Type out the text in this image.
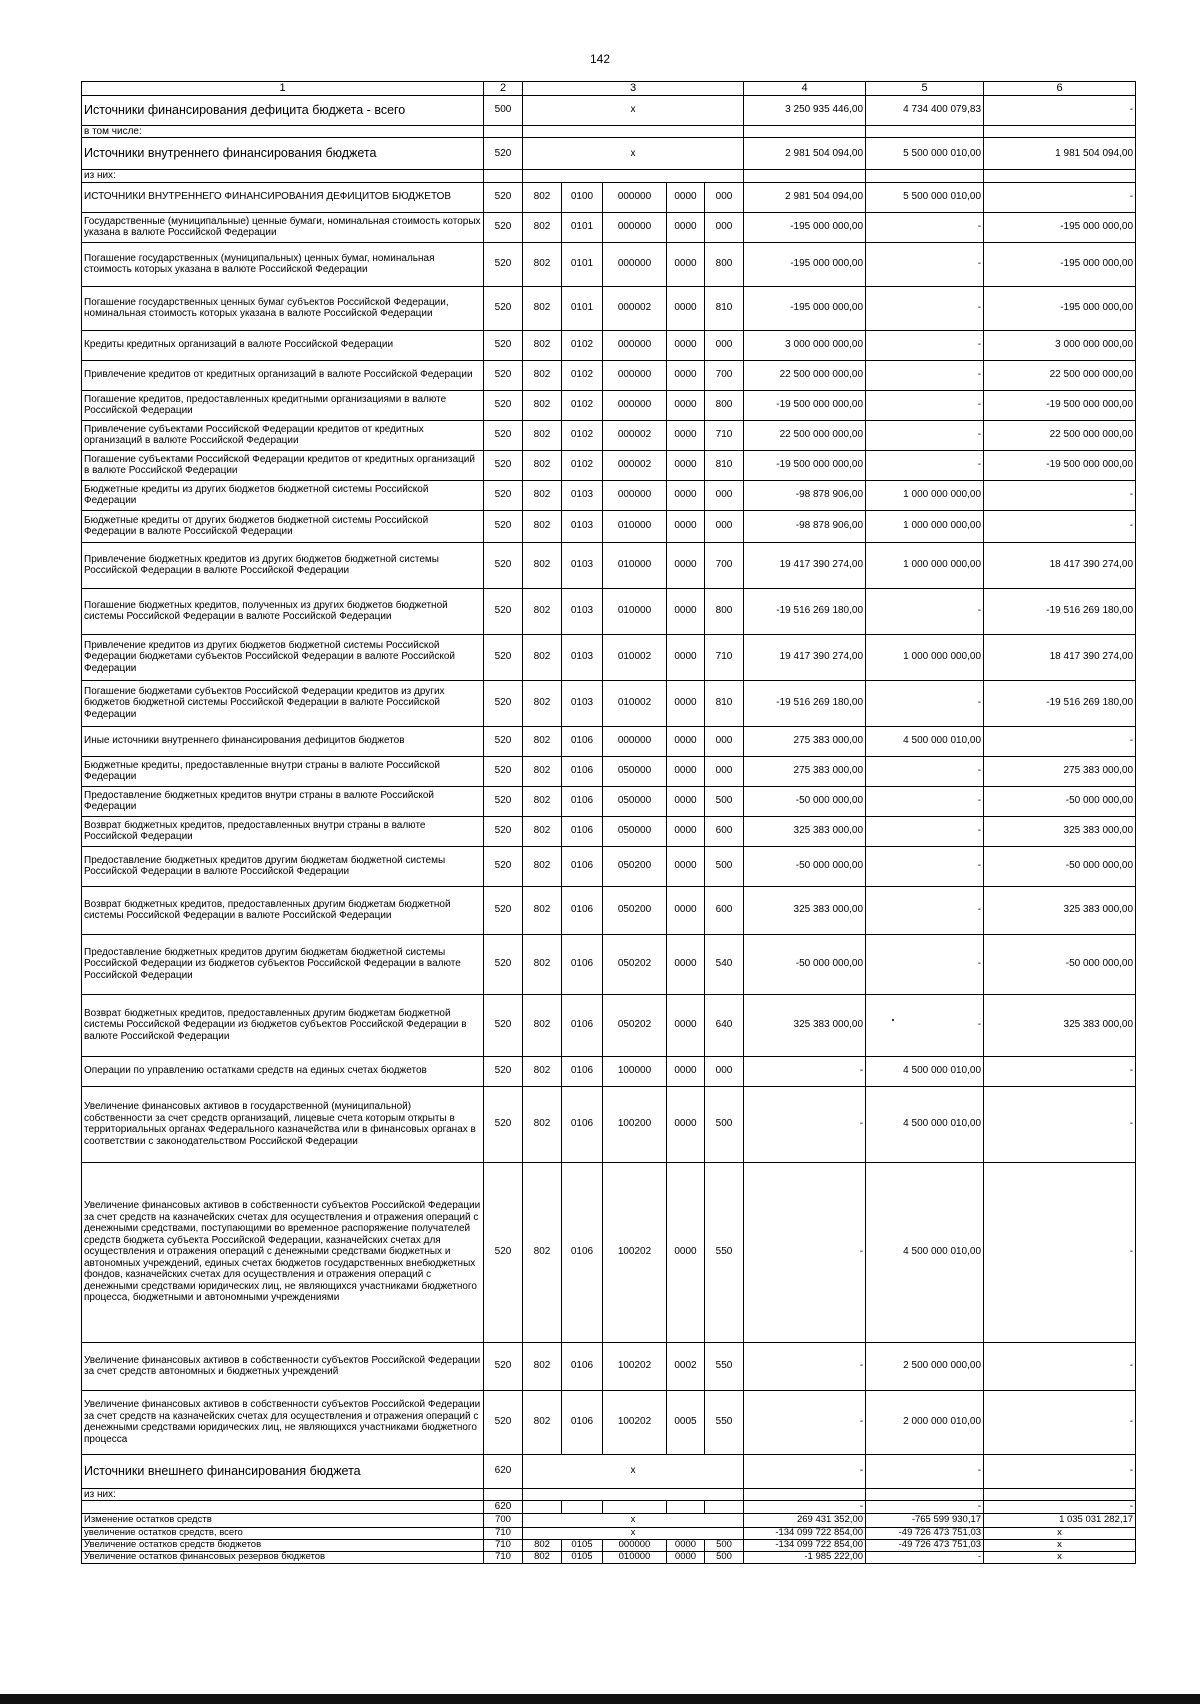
142
1	2	3					4	5	6
Источники финансирования дефицита бюджета - всего	500	x					3 250 935 446,00	4 734 400 079,83	-
в том числе:									
Источники внутреннего финансирования бюджета	520	x					2 981 504 094,00	5 500 000 010,00	1 981 504 094,00
из них:									
ИСТОЧНИКИ ВНУТРЕННЕГО ФИНАНСИРОВАНИЯ ДЕФИЦИТОВ БЮДЖЕТОВ	520	802	0100	000000	0000	000	2 981 504 094,00	5 500 000 010,00	-
Государственные (муниципальные) ценные бумаги, номинальная стоимость которых указана в валюте Российской Федерации	520	802	0101	000000	0000	000	-195 000 000,00	-	-195 000 000,00
Погашение государственных (муниципальных) ценных бумаг, номинальная стоимость которых указана в валюте Российской Федерации	520	802	0101	000000	0000	800	-195 000 000,00	-	-195 000 000,00
Погашение государственных ценных бумаг субъектов Российской Федерации, номинальная стоимость которых указана в валюте Российской Федерации	520	802	0101	000002	0000	810	-195 000 000,00	-	-195 000 000,00
Кредиты кредитных организаций в валюте Российской Федерации	520	802	0102	000000	0000	000	3 000 000 000,00	-	3 000 000 000,00
Привлечение кредитов от кредитных организаций в валюте Российской Федерации	520	802	0102	000000	0000	700	22 500 000 000,00	-	22 500 000 000,00
Погашение кредитов, предоставленных кредитными организациями в валюте Российской Федерации	520	802	0102	000000	0000	800	-19 500 000 000,00	-	-19 500 000 000,00
Привлечение субъектами Российской Федерации кредитов от кредитных организаций в валюте Российской Федерации	520	802	0102	000002	0000	710	22 500 000 000,00	-	22 500 000 000,00
Погашение субъектами Российской Федерации кредитов от кредитных организаций в валюте Российской Федерации	520	802	0102	000002	0000	810	-19 500 000 000,00	-	-19 500 000 000,00
Бюджетные кредиты из других бюджетов бюджетной системы Российской Федерации	520	802	0103	000000	0000	000	-98 878 906,00	1 000 000 000,00	-
Бюджетные кредиты от других бюджетов бюджетной системы Российской Федерации в валюте Российской Федерации	520	802	0103	010000	0000	000	-98 878 906,00	1 000 000 000,00	-
Привлечение бюджетных кредитов из других бюджетов бюджетной системы Российской Федерации в валюте Российской Федерации	520	802	0103	010000	0000	700	19 417 390 274,00	1 000 000 000,00	18 417 390 274,00
Погашение бюджетных кредитов, полученных из других бюджетов бюджетной системы Российской Федерации в валюте Российской Федерации	520	802	0103	010000	0000	800	-19 516 269 180,00	-	-19 516 269 180,00
Привлечение кредитов из других бюджетов бюджетной системы Российской Федерации бюджетами субъектов Российской Федерации в валюте Российской Федерации	520	802	0103	010002	0000	710	19 417 390 274,00	1 000 000 000,00	18 417 390 274,00
Погашение бюджетами субъектов Российской Федерации кредитов из других бюджетов бюджетной системы Российской Федерации в валюте Российской Федерации	520	802	0103	010002	0000	810	-19 516 269 180,00	-	-19 516 269 180,00
Иные источники внутреннего финансирования дефицитов бюджетов	520	802	0106	000000	0000	000	275 383 000,00	4 500 000 010,00	-
Бюджетные кредиты, предоставленные внутри страны в валюте Российской Федерации	520	802	0106	050000	0000	000	275 383 000,00	-	275 383 000,00
Предоставление бюджетных кредитов внутри страны в валюте Российской Федерации	520	802	0106	050000	0000	500	-50 000 000,00	-	-50 000 000,00
Возврат бюджетных кредитов, предоставленных внутри страны в валюте Российской Федерации	520	802	0106	050000	0000	600	325 383 000,00	-	325 383 000,00
Предоставление бюджетных кредитов другим бюджетам бюджетной системы Российской Федерации в валюте Российской Федерации	520	802	0106	050200	0000	500	-50 000 000,00	-	-50 000 000,00
Возврат бюджетных кредитов, предоставленных другим бюджетам бюджетной системы Российской Федерации в валюте Российской Федерации	520	802	0106	050200	0000	600	325 383 000,00	-	325 383 000,00
Предоставление бюджетных кредитов другим бюджетам бюджетной системы Российской Федерации из бюджетов субъектов Российской Федерации в валюте Российской Федерации	520	802	0106	050202	0000	540	-50 000 000,00	-	-50 000 000,00
Возврат бюджетных кредитов, предоставленных другим бюджетам бюджетной системы Российской Федерации из бюджетов субъектов Российской Федерации в валюте Российской Федерации	520	802	0106	050202	0000	640	325 383 000,00	-	325 383 000,00
Операции по управлению остатками средств на единых счетах бюджетов	520	802	0106	100000	0000	000	-	4 500 000 010,00	-
Увеличение финансовых активов в государственной (муниципальной) собственности за счет средств организаций, лицевые счета которым открыты в территориальных органах Федерального казначейства или в финансовых органах в соответствии с законодательством Российской Федерации	520	802	0106	100200	0000	500	-	4 500 000 010,00	-
Увеличение финансовых активов в собственности субъектов Российской Федерации за счет средств на казначейских счетах для осуществления и отражения операций с денежными средствами, поступающими во временное распоряжение получателей средств бюджета субъекта Российской Федерации, казначейских счетах для осуществления и отражения операций с денежными средствами бюджетных и автономных учреждений, единых счетах бюджетов государственных внебюджетных фондов, казначейских счетах для осуществления и отражения операций с денежными средствами юридических лиц, не являющихся участниками бюджетного процесса, бюджетными и автономными учреждениями	520	802	0106	100202	0000	550	-	4 500 000 010,00	-
Увеличение финансовых активов в собственности субъектов Российской Федерации за счет средств автономных и бюджетных учреждений	520	802	0106	100202	0002	550	-	2 500 000 000,00	-
Увеличение финансовых активов в собственности субъектов Российской Федерации за счет средств на казначейских счетах для осуществления и отражения операций с денежными средствами юридических лиц, не являющихся участниками бюджетного процесса	520	802	0106	100202	0005	550	-	2 000 000 010,00	-
Источники внешнего финансирования бюджета	620	x					-	-	-
из них:									
	620						-	-	-
Изменение остатков средств	700	x					269 431 352,00	-765 599 930,17	1 035 031 282,17
увеличение остатков средств, всего	710	x					-134 099 722 854,00	-49 726 473 751,03	x
Увеличение остатков средств бюджетов	710	802	0105	000000	0000	500	-134 099 722 854,00	-49 726 473 751,03	x
Увеличение остатков финансовых резервов бюджетов	710	802	0105	010000	0000	500	-1 985 222,00	-	x
